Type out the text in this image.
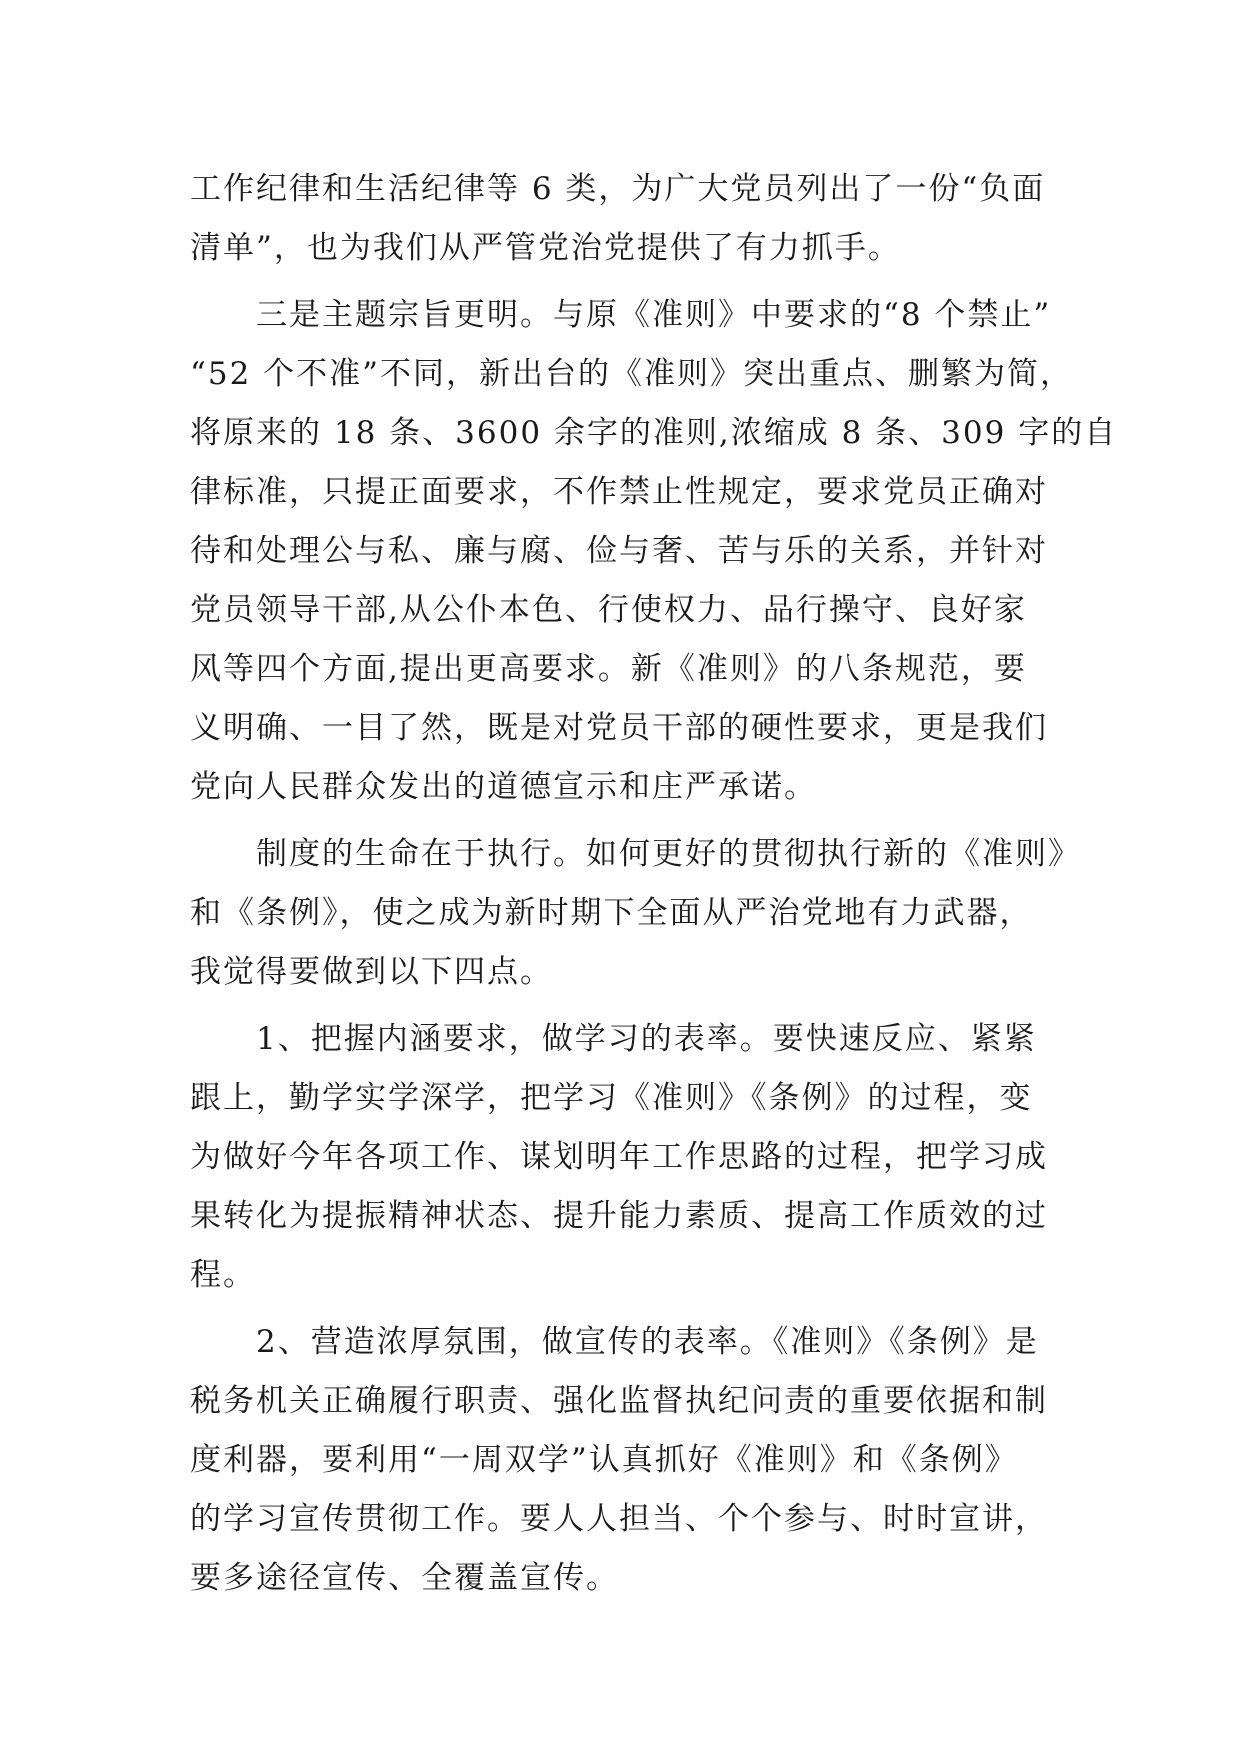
工作纪律和生活纪律等 6 类，为广大党员列出了一份“负面
清单”，也为我们从严管党治党提供了有力抓手。
　　三是主题宗旨更明。与原《准则》中要求的“8 个禁止”
“52 个不准”不同，新出台的《准则》突出重点、删繁为简，
将原来的 18 条、3600 余字的准则,浓缩成 8 条、309 字的自
律标准，只提正面要求，不作禁止性规定，要求党员正确对
待和处理公与私、廉与腐、俭与奢、苦与乐的关系，并针对
党员领导干部,从公仆本色、行使权力、品行操守、良好家
风等四个方面,提出更高要求。新《准则》的八条规范，要
义明确、一目了然，既是对党员干部的硬性要求，更是我们
党向人民群众发出的道德宣示和庄严承诺。
　　制度的生命在于执行。如何更好的贯彻执行新的《准则》
和《条例》，使之成为新时期下全面从严治党地有力武器，
我觉得要做到以下四点。
　　1、把握内涵要求，做学习的表率。要快速反应、紧紧
跟上，勤学实学深学，把学习《准则》《条例》的过程，变
为做好今年各项工作、谋划明年工作思路的过程，把学习成
果转化为提振精神状态、提升能力素质、提高工作质效的过
程。
　　2、营造浓厚氛围，做宣传的表率。《准则》《条例》是
税务机关正确履行职责、强化监督执纪问责的重要依据和制
度利器，要利用“一周双学”认真抓好《准则》和《条例》
的学习宣传贯彻工作。要人人担当、个个参与、时时宣讲，
要多途径宣传、全覆盖宣传。
